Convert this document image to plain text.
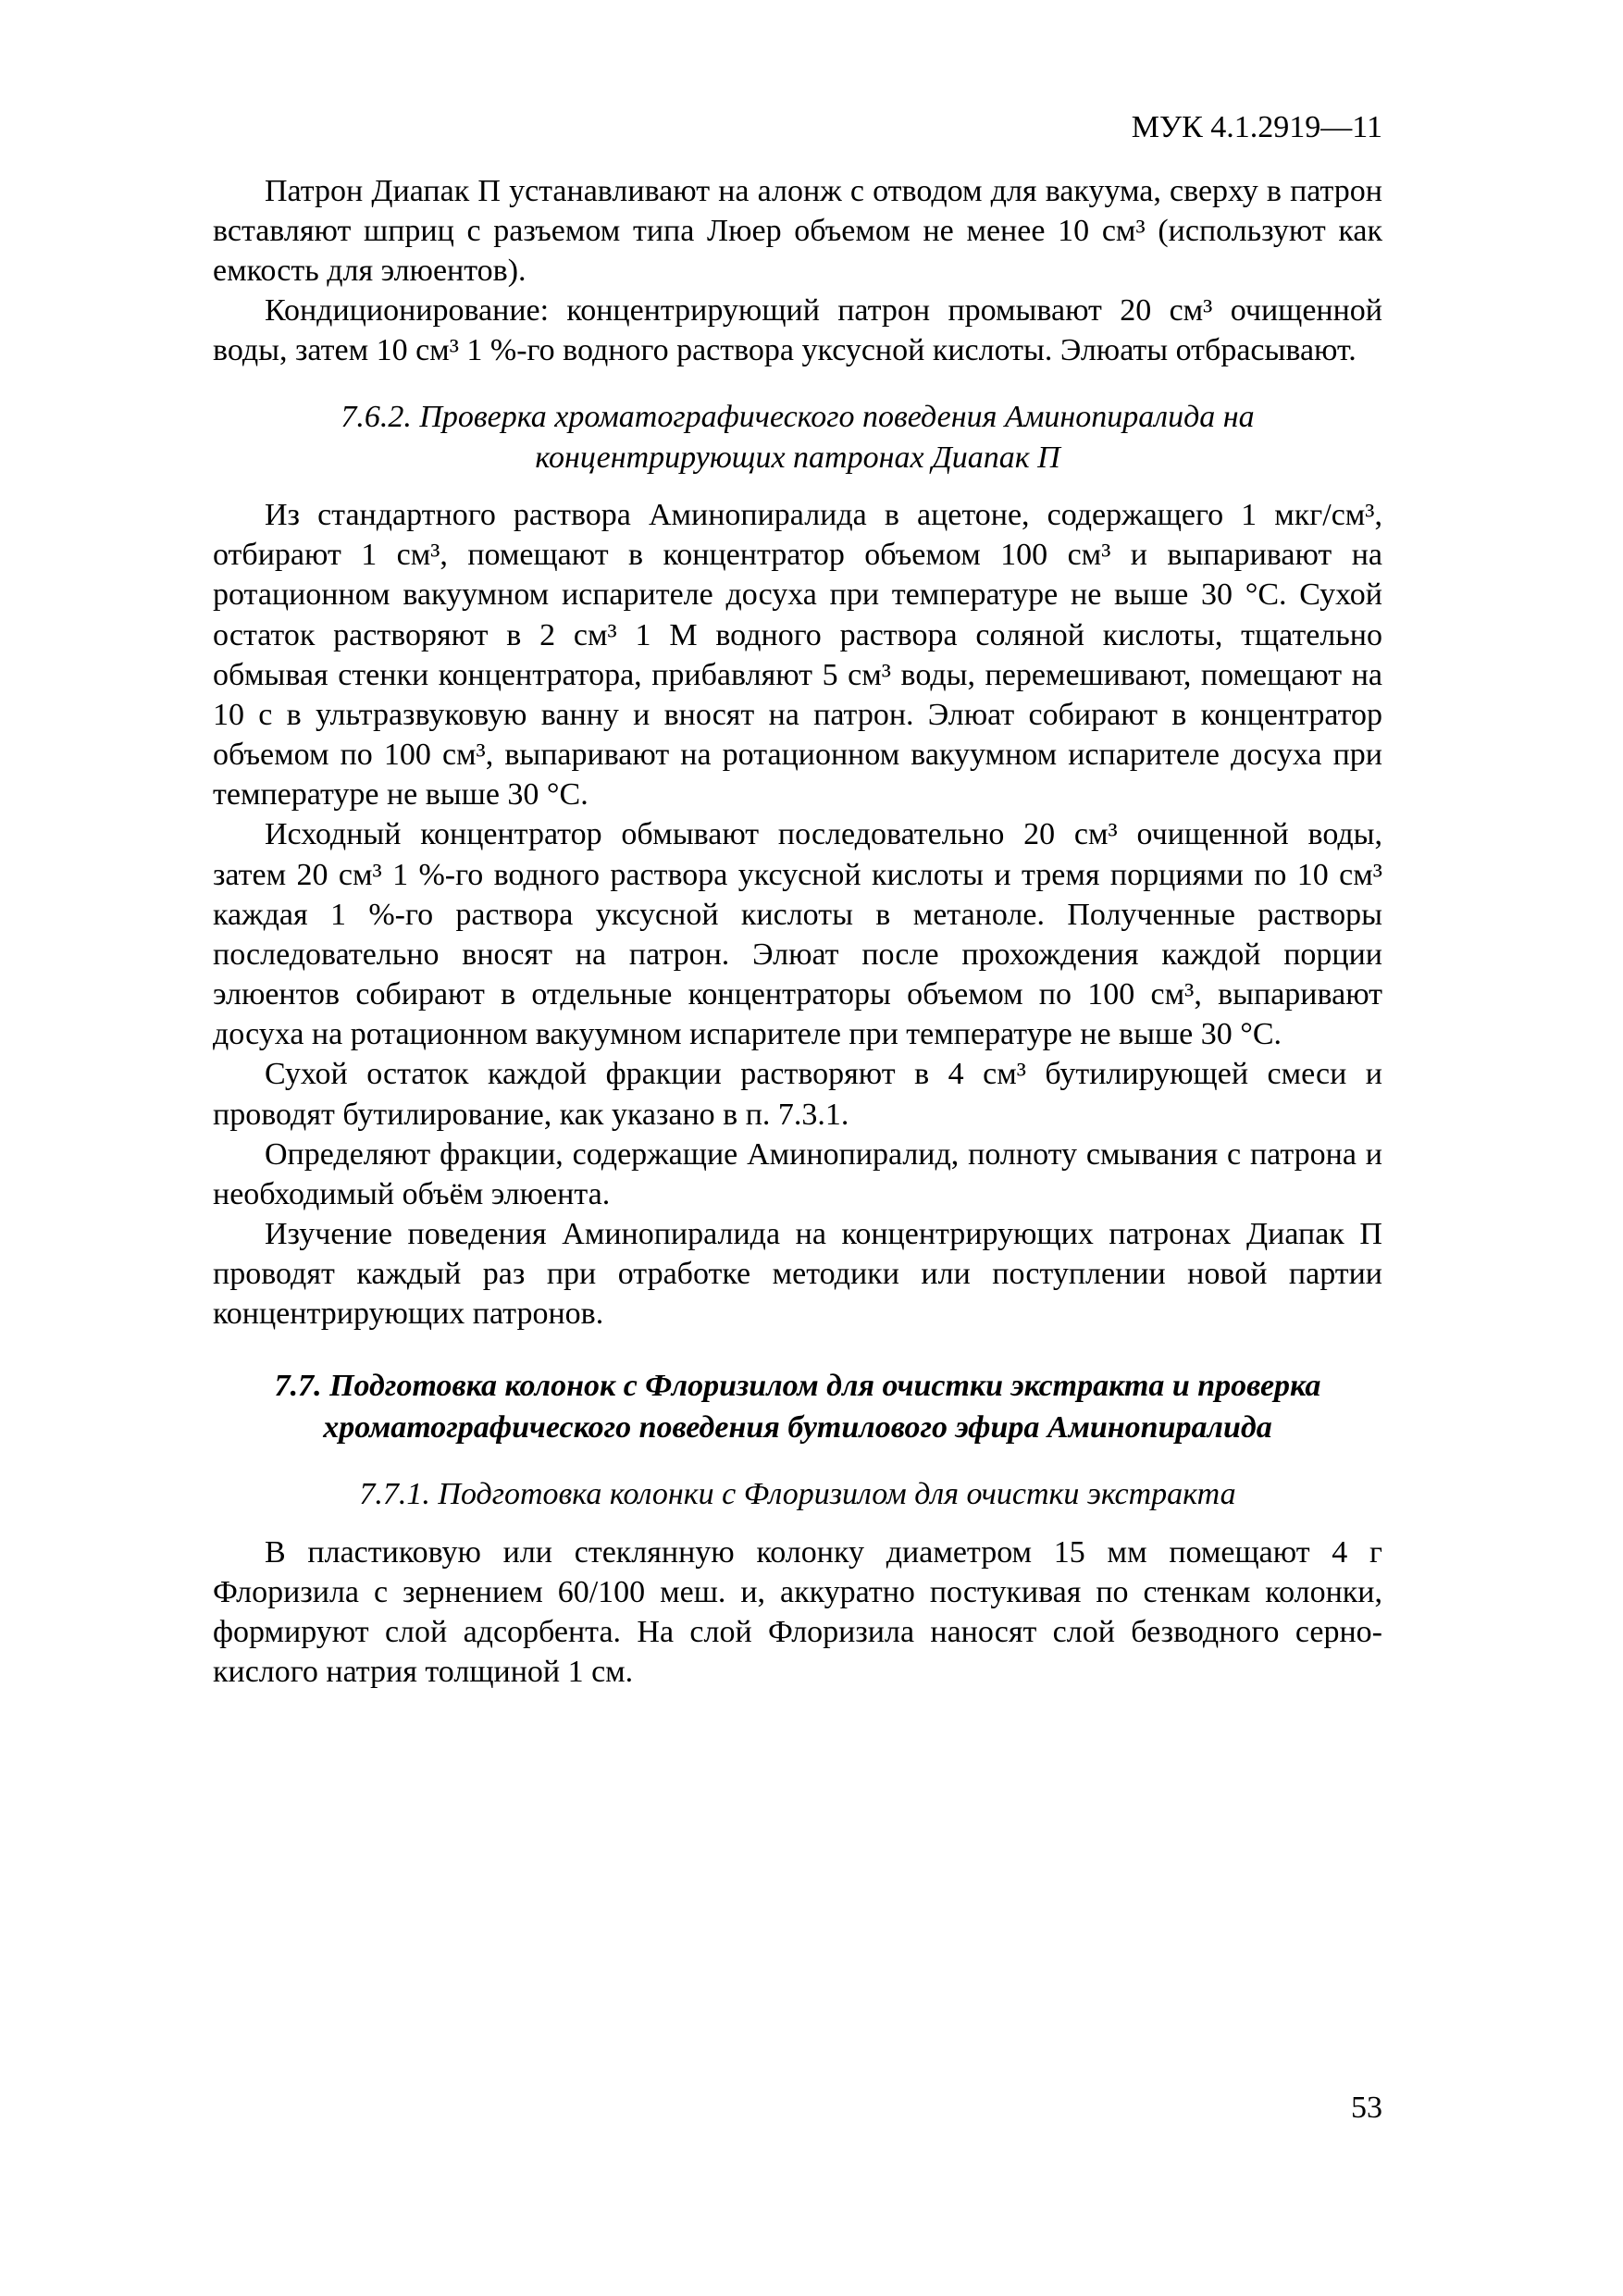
МУК 4.1.2919—11

Патрон Диапак П устанавливают на алонж с отводом для вакуума, сверху в патрон вставляют шприц с разъемом типа Люер объемом не менее 10 см³ (используют как емкость для элюентов).

Кондиционирование: концентрирующий патрон промывают 20 см³ очищенной воды, затем 10 см³ 1 %-го водного раствора уксусной кислоты. Элюаты отбрасывают.

7.6.2. Проверка хроматографического поведения Аминопиралида на концентрирующих патронах Диапак П

Из стандартного раствора Аминопиралида в ацетоне, содержащего 1 мкг/см³, отбирают 1 см³, помещают в концентратор объемом 100 см³ и выпаривают на ротационном вакуумном испарителе досуха при температуре не выше 30 °С. Сухой остаток растворяют в 2 см³ 1 М водного раствора соляной кислоты, тщательно обмывая стенки концентратора, прибавляют 5 см³ воды, перемешивают, помещают на 10 с в ультразвуковую ванну и вносят на патрон. Элюат собирают в концентратор объемом по 100 см³, выпаривают на ротационном вакуумном испарителе досуха при температуре не выше 30 °С.

Исходный концентратор обмывают последовательно 20 см³ очищенной воды, затем 20 см³ 1 %-го водного раствора уксусной кислоты и тремя порциями по 10 см³ каждая 1 %-го раствора уксусной кислоты в метаноле. Полученные растворы последовательно вносят на патрон. Элюат после прохождения каждой порции элюентов собирают в отдельные концентраторы объемом по 100 см³, выпаривают досуха на ротационном вакуумном испарителе при температуре не выше 30 °С.

Сухой остаток каждой фракции растворяют в 4 см³ бутилирующей смеси и проводят бутилирование, как указано в п. 7.3.1.

Определяют фракции, содержащие Аминопиралид, полноту смывания с патрона и необходимый объём элюента.

Изучение поведения Аминопиралида на концентрирующих патронах Диапак П проводят каждый раз при отработке методики или поступлении новой партии концентрирующих патронов.

7.7. Подготовка колонок с Флоризилом для очистки экстракта и проверка хроматографического поведения бутилового эфира Аминопиралида
7.7.1. Подготовка колонки с Флоризилом для очистки экстракта

В пластиковую или стеклянную колонку диаметром 15 мм помещают 4 г Флоризила с зернением 60/100 меш. и, аккуратно постукивая по стенкам колонки, формируют слой адсорбента. На слой Флоризила наносят слой безводного серно-кислого натрия толщиной 1 см.

53
